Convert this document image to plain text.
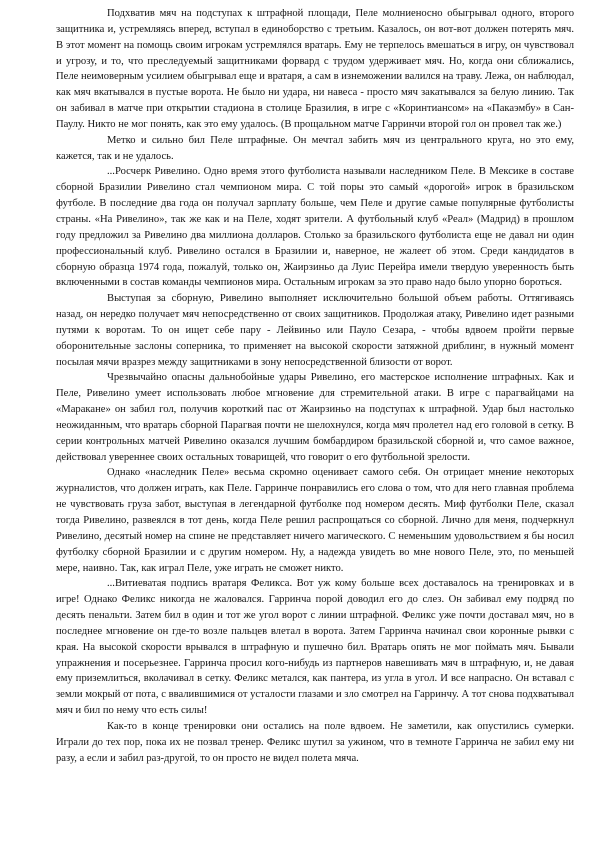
Подхватив мяч на подступах к штрафной площади, Пеле молниеносно обыгрывал одного, второго защитника и, устремляясь вперед, вступал в единоборство с третьим. Казалось, он вот-вот должен потерять мяч. В этот момент на помощь своим игрокам устремлялся вратарь. Ему не терпелось вмешаться в игру, он чувствовал и угрозу, и то, что преследуемый защитниками форвард с трудом удерживает мяч. Но, когда они сближались, Пеле неимоверным усилием обыгрывал еще и вратаря, а сам в изнеможении валился на траву. Лежа, он наблюдал, как мяч вкатывался в пустые ворота. Не было ни удара, ни навеса - просто мяч закатывался за белую линию. Так он забивал в матче при открытии стадиона в столице Бразилия, в игре с «Коринтиансом» на «Пакаэмбу» в Сан-Паулу. Никто не мог понять, как это ему удалось. (В прощальном матче Гарринчи второй гол он провел так же.)

Метко и сильно бил Пеле штрафные. Он мечтал забить мяч из центрального круга, но это ему, кажется, так и не удалось.

...Росчерк Ривелино. Одно время этого футболиста называли наследником Пеле. В Мексике в составе сборной Бразилии Ривелино стал чемпионом мира. С той поры это самый «дорогой» игрок в бразильском футболе. В последние два года он получал зарплату больше, чем Пеле и другие самые популярные футболисты страны. «На Ривелино», так же как и на Пеле, ходят зрители. А футбольный клуб «Реал» (Мадрид) в прошлом году предложил за Ривелино два миллиона долларов. Столько за бразильского футболиста еще не давал ни один профессиональный клуб. Ривелино остался в Бразилии и, наверное, не жалеет об этом. Среди кандидатов в сборную образца 1974 года, пожалуй, только он, Жаирзиньо да Луис Перейра имели твердую уверенность быть включенными в состав команды чемпионов мира. Остальным игрокам за это право надо было упорно бороться.

Выступая за сборную, Ривелино выполняет исключительно большой объем работы. Оттягиваясь назад, он нередко получает мяч непосредственно от своих защитников. Продолжая атаку, Ривелино идет разными путями к воротам. То он ищет себе пару - Лейвиньо или Пауло Сезара, - чтобы вдвоем пройти первые оборонительные заслоны соперника, то применяет на высокой скорости затяжной дриблинг, в нужный момент посылая мячи вразрез между защитниками в зону непосредственной близости от ворот.

Чрезвычайно опасны дальнобойные удары Ривелино, его мастерское исполнение штрафных. Как и Пеле, Ривелино умеет использовать любое мгновение для стремительной атаки. В игре с парагвайцами на «Маракане» он забил гол, получив короткий пас от Жаирзиньо на подступах к штрафной. Удар был настолько неожиданным, что вратарь сборной Парагвая почти не шелохнулся, когда мяч пролетел над его головой в сетку. В серии контрольных матчей Ривелино оказался лучшим бомбардиром бразильской сборной и, что самое важное, действовал увереннее своих остальных товарищей, что говорит о его футбольной зрелости.

Однако «наследник Пеле» весьма скромно оценивает самого себя. Он отрицает мнение некоторых журналистов, что должен играть, как Пеле. Гарринче понравились его слова о том, что для него главная проблема не чувствовать груза забот, выступая в легендарной футболке под номером десять. Миф футболки Пеле, сказал тогда Ривелино, развеялся в тот день, когда Пеле решил распрощаться со сборной. Лично для меня, подчеркнул Ривелино, десятый номер на спине не представляет ничего магического. С неменьшим удовольствием я бы носил футболку сборной Бразилии и с другим номером. Ну, а надежда увидеть во мне нового Пеле, это, по меньшей мере, наивно. Так, как играл Пеле, уже играть не сможет никто.

...Витиеватая подпись вратаря Феликса. Вот уж кому больше всех доставалось на тренировках и в игре! Однако Феликс никогда не жаловался. Гарринча порой доводил его до слез. Он забивал ему подряд по десять пенальти. Затем бил в один и тот же угол ворот с линии штрафной. Феликс уже почти доставал мяч, но в последнее мгновение он где-то возле пальцев влетал в ворота. Затем Гарринча начинал свои коронные рывки с края. На высокой скорости врывался в штрафную и пушечно бил. Вратарь опять не мог поймать мяч. Бывали упражнения и посерьезнее. Гарринча просил кого-нибудь из партнеров навешивать мяч в штрафную, и, не давая ему приземлиться, вколачивал в сетку. Феликс метался, как пантера, из угла в угол. И все напрасно. Он вставал с земли мокрый от пота, с ввалившимися от усталости глазами и зло смотрел на Гарринчу. А тот снова подхватывал мяч и бил по нему что есть силы!

Как-то в конце тренировки они остались на поле вдвоем. Не заметили, как опустились сумерки. Играли до тех пор, пока их не позвал тренер. Феликс шутил за ужином, что в темноте Гарринча не забил ему ни разу, а если и забил раз-другой, то он просто не видел полета мяча.
